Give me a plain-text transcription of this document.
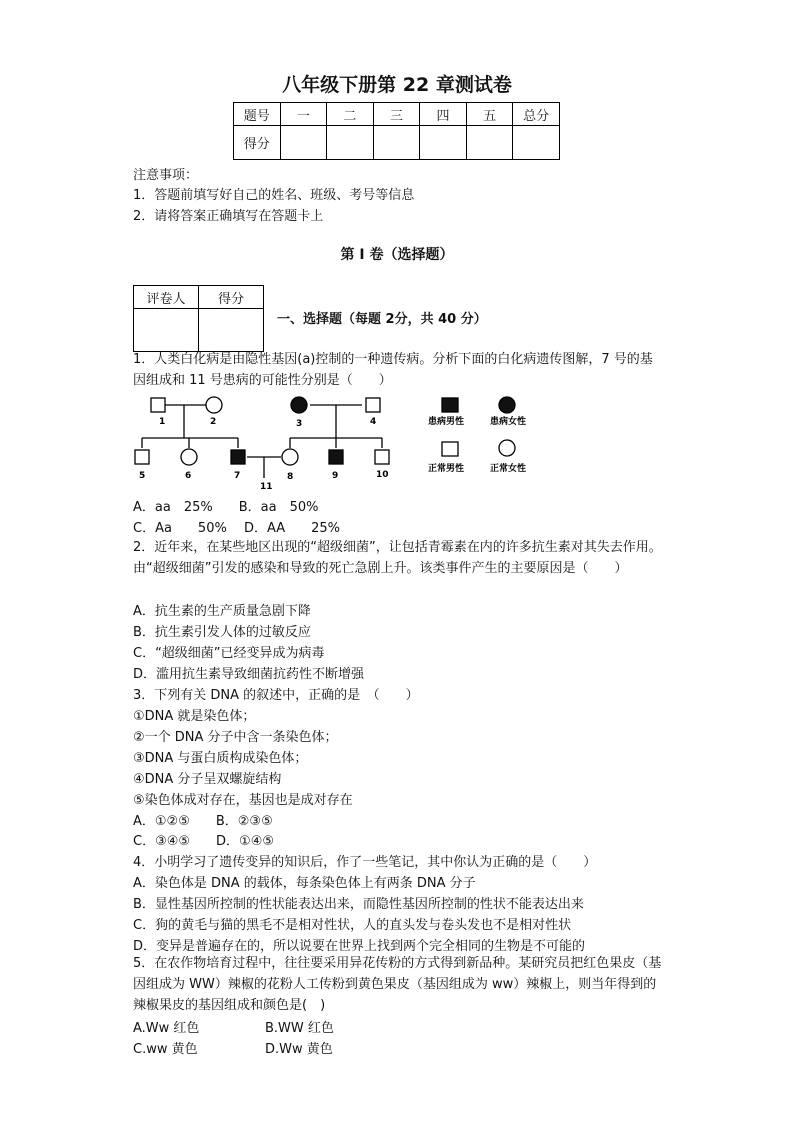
八年级下册第 22 章测试卷
题号	一	二	三	四	五	总分
得分						
注意事项：
1．答题前填写好自己的姓名、班级、考号等信息
2．请将答案正确填写在答题卡上
第 I 卷（选择题）
评卷人	得分

一、选择题（每题 2分，共 40 分）
1．人类白化病是由隐性基因(a)控制的一种遗传病。分析下面的白化病遗传图解，7 号的基因组成和 11 号患病的可能性分别是（　　）
1	2	3	4
5	6	7	8	9	10
11
患病男性	患病女性
正常男性	正常女性
A．aa　25%　　B．aa　50%
C．Aa　　50%　 D．AA　　25%
2．近年来，在某些地区出现的“超级细菌”，让包括青霉素在内的许多抗生素对其失去作用。由“超级细菌”引发的感染和导致的死亡急剧上升。该类事件产生的主要原因是（　　）
A．抗生素的生产质量急剧下降
B．抗生素引发人体的过敏反应
C．“超级细菌”已经变异成为病毒
D．滥用抗生素导致细菌抗药性不断增强
3．下列有关 DNA 的叙述中，正确的是　（　　）
①DNA 就是染色体；
②一个 DNA 分子中含一条染色体；
③DNA 与蛋白质构成染色体；
④DNA 分子呈双螺旋结构
⑤染色体成对存在，基因也是成对存在
A．①②⑤　　B．②③⑤
C．③④⑤　　D．①④⑤
4．小明学习了遗传变异的知识后，作了一些笔记，其中你认为正确的是（　　）
A．染色体是 DNA 的载体，每条染色体上有两条 DNA 分子
B．显性基因所控制的性状能表达出来，而隐性基因所控制的性状不能表达出来
C．狗的黄毛与猫的黑毛不是相对性状，人的直头发与卷头发也不是相对性状
D．变异是普遍存在的，所以说要在世界上找到两个完全相同的生物是不可能的
5．在农作物培育过程中，往往要采用异花传粉的方式得到新品种。某研究员把红色果皮（基因组成为 WW）辣椒的花粉人工传粉到黄色果皮（基因组成为 ww）辣椒上，则当年得到的辣椒果皮的基因组成和颜色是(　)
A.Ww 红色	B.WW 红色
C.ww 黄色	D.Ww 黄色
